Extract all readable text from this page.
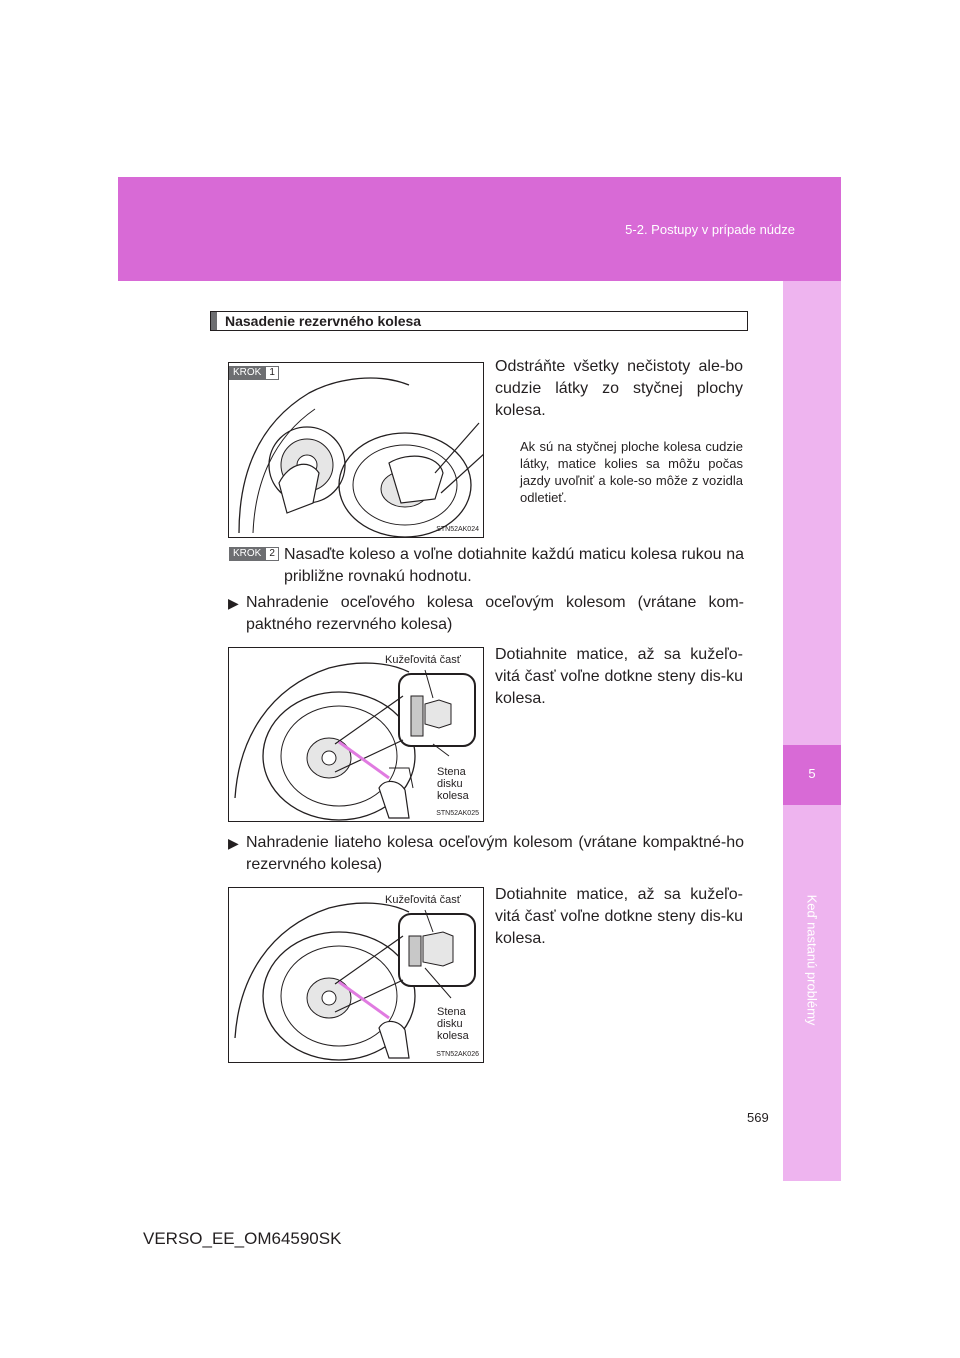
5-2. Postupy v prípade núdze
5
Keď nastanú problémy
Nasadenie rezervného kolesa
STN52AK024
KROK 1	Odstráňte všetky nečistoty ale-bo cudzie látky zo styčnej plochy kolesa.
Ak sú na styčnej ploche kolesa cudzie látky, matice kolies sa môžu počas jazdy uvoľniť a kole-so môže z vozidla odletieť.
KROK 2 Nasaďte koleso a voľne dotiahnite každú maticu kolesa rukou na približne rovnakú hodnotu.
▶ Nahradenie oceľového kolesa oceľovým kolesom (vrátane kom-paktného rezervného kolesa)
Kužeľovitá časť
Stena
disku
kolesa
STN52AK025
Dotiahnite matice, až sa kužeľo-vitá časť voľne dotkne steny dis-ku kolesa.
▶ Nahradenie liateho kolesa oceľovým kolesom (vrátane kompaktné-ho rezervného kolesa)
Kužeľovitá časť
Stena
disku
kolesa
STN52AK026
Dotiahnite matice, až sa kužeľo-vitá časť voľne dotkne steny dis-ku kolesa.
569
VERSO_EE_OM64590SK
